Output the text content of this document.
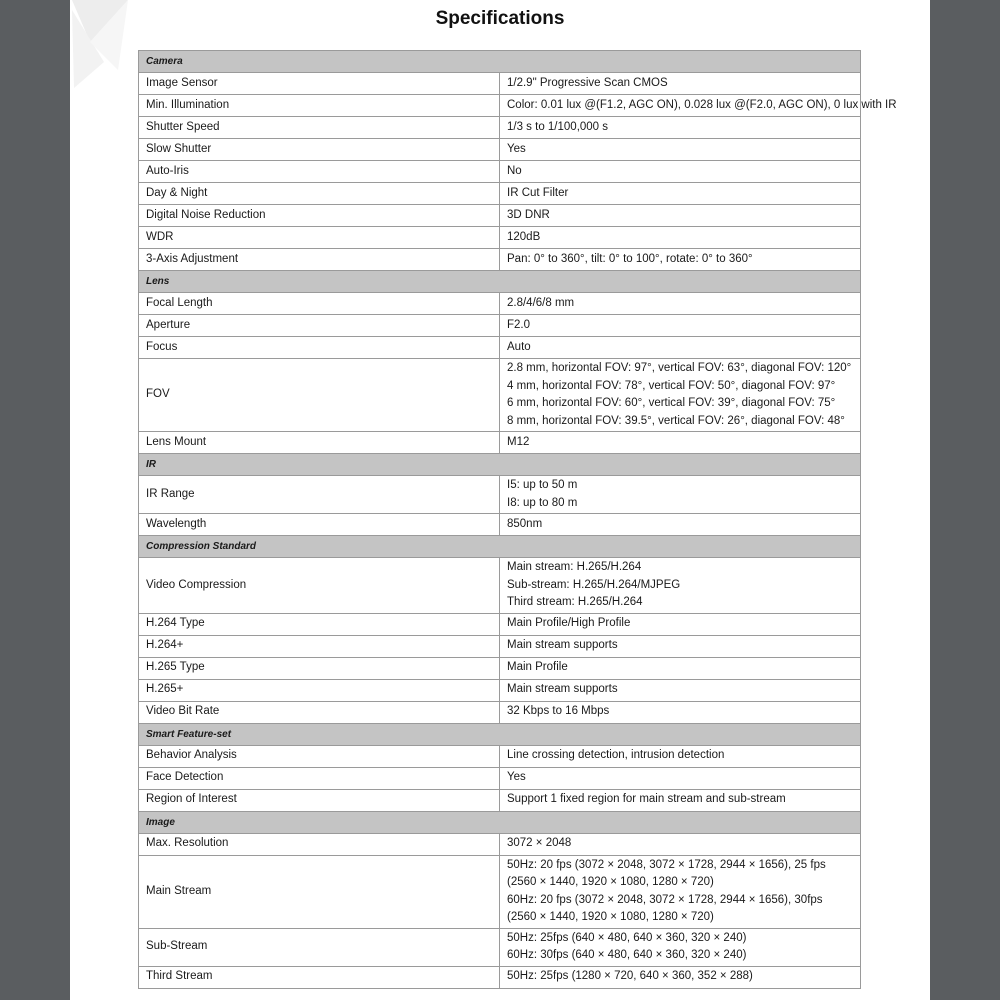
Specifications
Camera	
Image Sensor	1/2.9" Progressive Scan CMOS

Min. Illumination	Color: 0.01 lux @(F1.2, AGC ON), 0.028 lux @(F2.0, AGC ON), 0 lux with IR

Shutter Speed	1/3 s to 1/100,000 s

Slow Shutter	Yes

Auto-Iris	No

Day & Night	IR Cut Filter

Digital Noise Reduction	3D DNR

WDR	120dB

3-Axis Adjustment	Pan: 0° to 360°, tilt: 0° to 100°, rotate: 0° to 360°

Lens	
Focal Length	2.8/4/6/8 mm

Aperture	F2.0

Focus	Auto

FOV	2.8 mm, horizontal FOV: 97°, vertical FOV: 63°, diagonal FOV: 120°
4 mm, horizontal FOV: 78°, vertical FOV: 50°, diagonal FOV: 97°
6 mm, horizontal FOV: 60°, vertical FOV: 39°, diagonal FOV: 75°
8 mm, horizontal FOV: 39.5°, vertical FOV: 26°, diagonal FOV: 48°

Lens Mount	M12

IR	
IR Range	I5: up to 50 m
I8: up to 80 m

Wavelength	850nm

Compression Standard	
Video Compression	Main stream: H.265/H.264
Sub-stream: H.265/H.264/MJPEG
Third stream: H.265/H.264

H.264 Type	Main Profile/High Profile

H.264+	Main stream supports

H.265 Type	Main Profile

H.265+	Main stream supports

Video Bit Rate	32 Kbps to 16 Mbps

Smart Feature-set	
Behavior Analysis	Line crossing detection, intrusion detection

Face Detection	Yes

Region of Interest	Support 1 fixed region for main stream and sub-stream

Image	
Max. Resolution	3072 × 2048

Main Stream	50Hz: 20 fps (3072 × 2048, 3072 × 1728, 2944 × 1656), 25 fps (2560 × 1440, 1920 × 1080, 1280 × 720)
60Hz: 20 fps (3072 × 2048, 3072 × 1728, 2944 × 1656), 30fps (2560 × 1440, 1920 × 1080, 1280 × 720)

Sub-Stream	50Hz: 25fps (640 × 480, 640 × 360, 320 × 240)
60Hz: 30fps (640 × 480, 640 × 360, 320 × 240)

Third Stream	50Hz: 25fps (1280 × 720, 640 × 360, 352 × 288)
